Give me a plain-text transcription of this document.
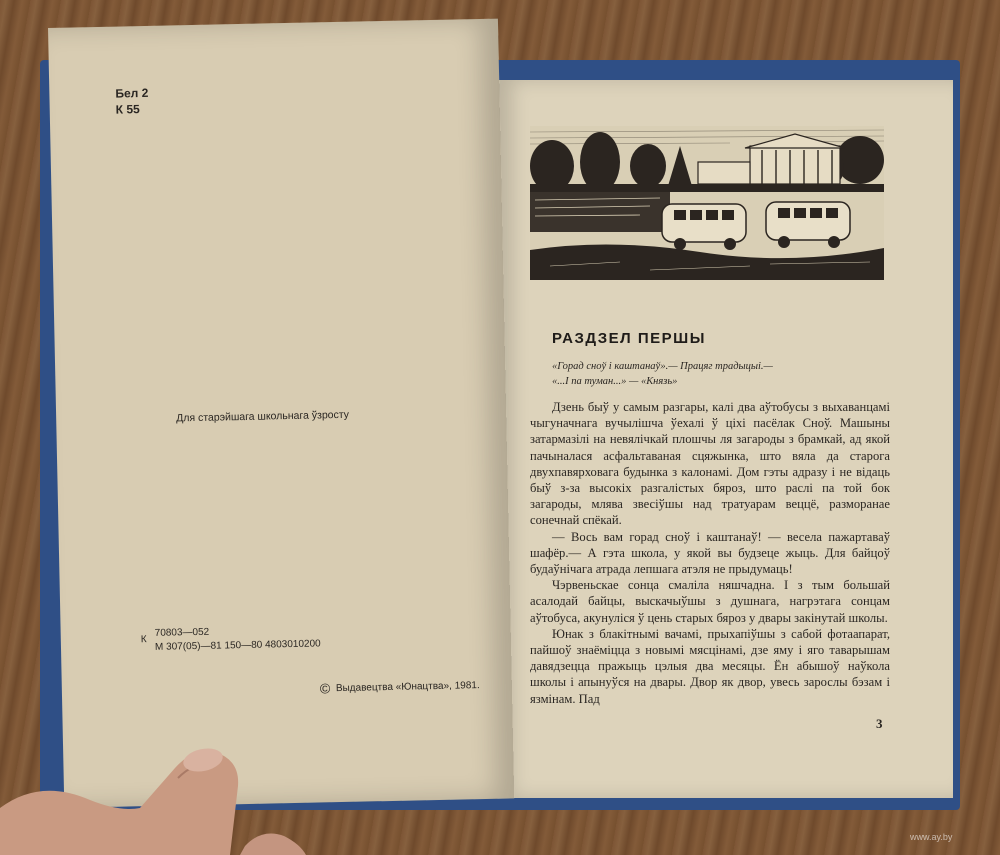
Бел 2
К 55
Для старэйшага школьнага ўзросту
К
70803—052
М 307(05)—81 150—80 4803010200
© Выдавецтва «Юнацтва», 1981.
РАЗДЗЕЛ ПЕРШЫ
«Горад сноў і каштанаў».— Працяг традыцыі.—
«...І па туман...» — «Князь»

Дзень быў у самым разгары, калі два аўтобусы з выхаванцамі чыгуначнага вучылішча ўехалі ў ціхі пасёлак Сноў. Машыны затармазілі на невялічкай плошчы ля загароды з брамкай, ад якой пачыналася асфальтаваная сцяжынка, што вяла да старога двухпавярховага будынка з калонамі. Дом гэты адразу і не відаць быў з-за высокіх разгалістых бяроз, што раслі па той бок загароды, млява звесіўшы над тратуарам веццё, разморанае сонечнай спёкай.

— Вось вам горад сноў і каштанаў! — весела пажартаваў шафёр.— А гэта школа, у якой вы будзеце жыць. Для байцоў будаўнічага атрада лепшага атэля не прыдумаць!

Чэрвеньскае сонца смаліла няшчадна. І з тым большай асалодай байцы, выскачыўшы з душнага, нагрэтага сонцам аўтобуса, акунуліся ў цень старых бяроз у двары закінутай школы.

Юнак з блакітнымі вачамі, прыхапіўшы з сабой фотаапарат, пайшоў знаёміцца з новымі мясцінамі, дзе яму і яго таварышам давядзецца пражыць цэлыя два месяцы. Ён абышоў наўкола школы і апынуўся на двары. Двор як двор, увесь зарослы бэзам і язмінам. Пад

3
www.ay.by
